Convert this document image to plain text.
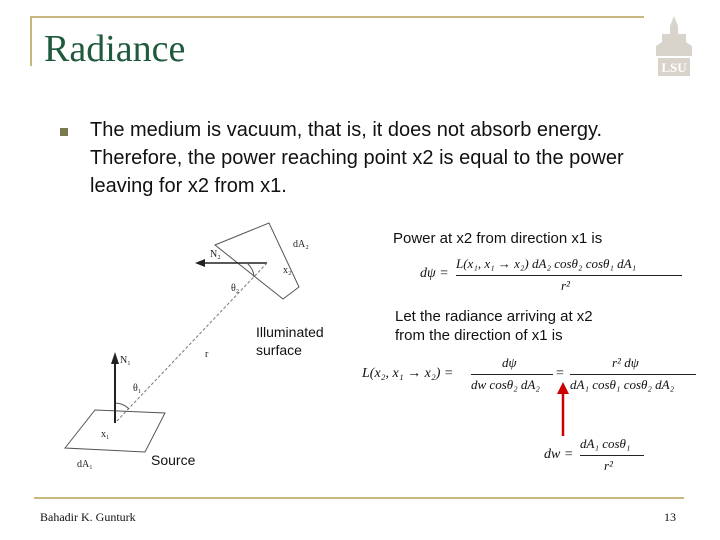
Radiance	LSU
The medium is vacuum, that is, it does not absorb energy. Therefore, the power reaching point x2 is equal to the power leaving for x2 from x1.
Power at x2 from direction x1 is
Let the radiance arriving at x2
from the direction of x1 is
Illuminated
surface
Source
dA₂
N₂
x₂
θ₂
r
N₁
θ₁
x₁
dA₁
dψ =
L(x₁, x₁ → x₂) dA₂ cosθ₂ cosθ₁ dA₁
r²
L(x₂, x₁ → x₂) =
dψ
dw cosθ₂ dA₂
=
r² dψ
dA₁ cosθ₁ cosθ₂ dA₂
dw =
dA₁ cosθ₁
r²
Bahadir K. Gunturk	13
